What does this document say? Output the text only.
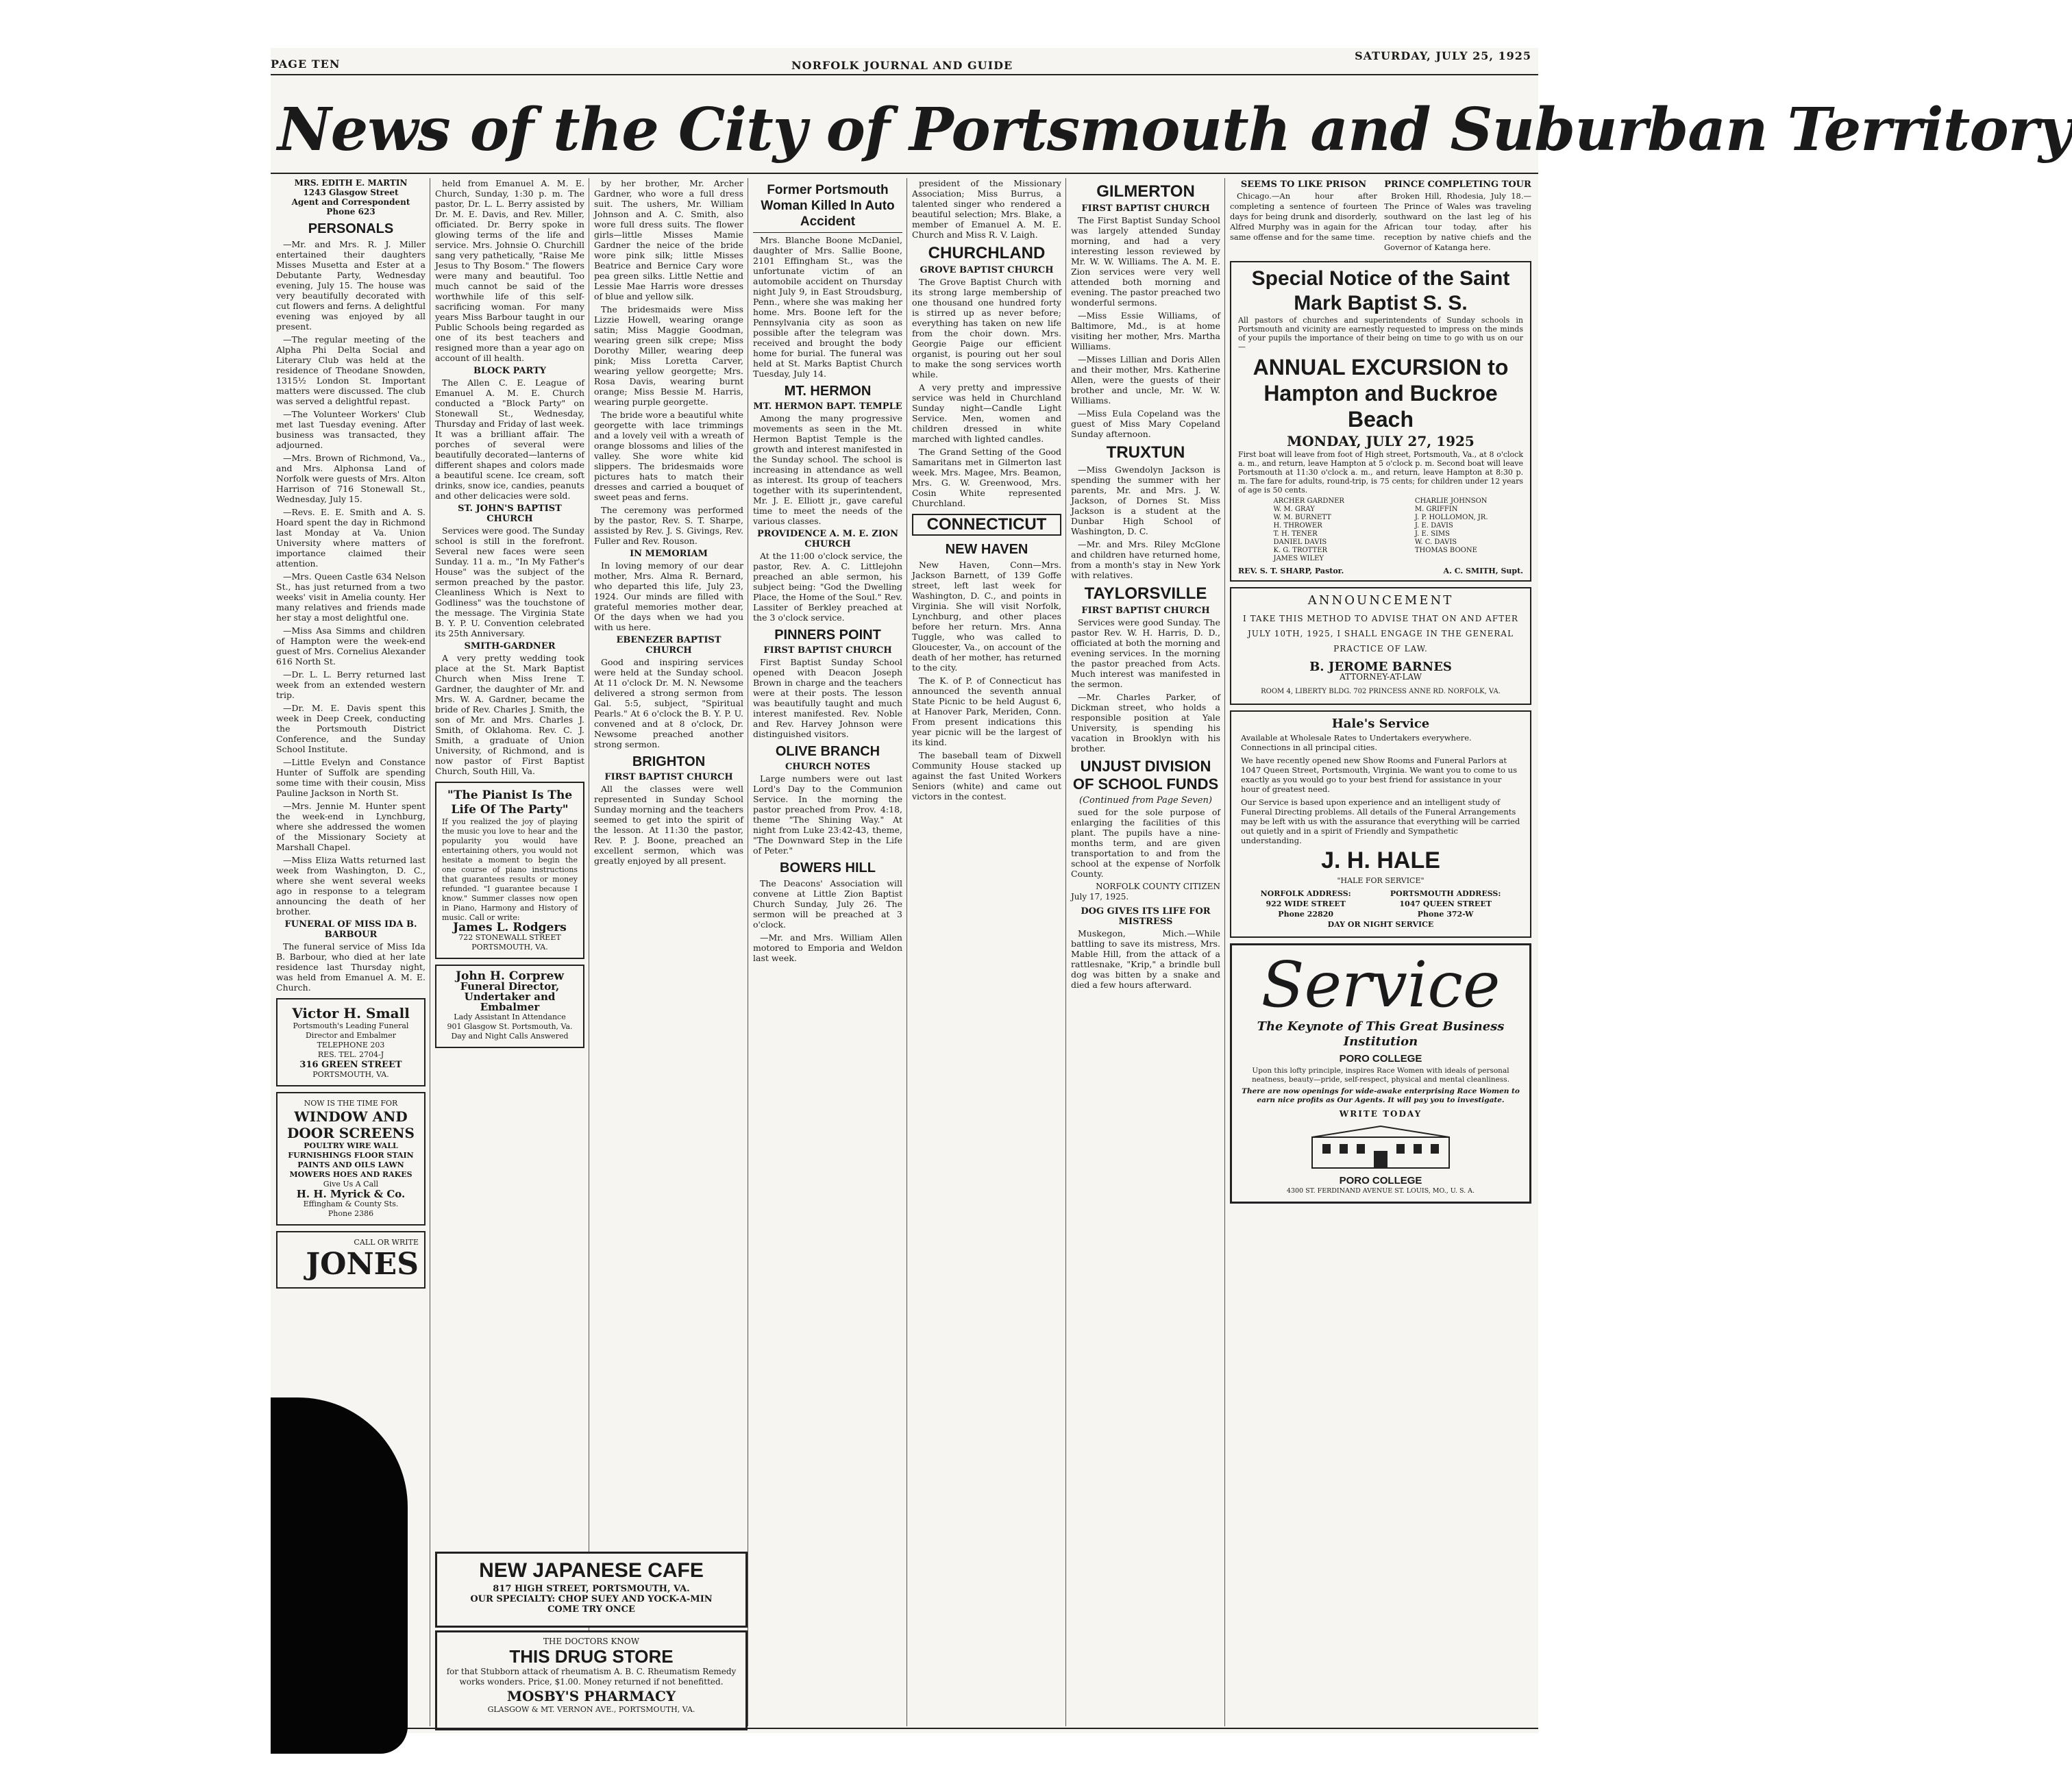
PAGE TEN	NORFOLK JOURNAL AND GUIDE
SATURDAY, JULY 25, 1925
News of the City of Portsmouth and Suburban Territory
MRS. EDITH E. MARTIN
1243 Glasgow Street
Agent and Correspondent
Phone 623
PERSONALS

—Mr. and Mrs. R. J. Miller entertained their daughters Misses Musetta and Ester at a Debutante Party, Wednesday evening, July 15. The house was very beautifully decorated with cut flowers and ferns. A delightful evening was enjoyed by all present.

—The regular meeting of the Alpha Phi Delta Social and Literary Club was held at the residence of Theodane Snowden, 1315½ London St. Important matters were discussed. The club was served a delightful repast.

—The Volunteer Workers' Club met last Tuesday evening. After business was transacted, they adjourned.

—Mrs. Brown of Richmond, Va., and Mrs. Alphonsa Land of Norfolk were guests of Mrs. Alton Harrison of 716 Stonewall St., Wednesday, July 15.

—Revs. E. E. Smith and A. S. Hoard spent the day in Richmond last Monday at Va. Union University where matters of importance claimed their attention.

—Mrs. Queen Castle 634 Nelson St., has just returned from a two weeks' visit in Amelia county. Her many relatives and friends made her stay a most delightful one.

—Miss Asa Simms and children of Hampton were the week-end guest of Mrs. Cornelius Alexander 616 North St.

—Dr. L. L. Berry returned last week from an extended western trip.

—Dr. M. E. Davis spent this week in Deep Creek, conducting the Portsmouth District Conference, and the Sunday School Institute.

—Little Evelyn and Constance Hunter of Suffolk are spending some time with their cousin, Miss Pauline Jackson in North St.

—Mrs. Jennie M. Hunter spent the week-end in Lynchburg, where she addressed the women of the Missionary Society at Marshall Chapel.

—Miss Eliza Watts returned last week from Washington, D. C., where she went several weeks ago in response to a telegram announcing the death of her brother.

FUNERAL OF MISS IDA B. BARBOUR

The funeral service of Miss Ida B. Barbour, who died at her late residence last Thursday night, was held from Emanuel A. M. E. Church.

Victor H. Small
Portsmouth's Leading Funeral
Director and Embalmer
TELEPHONE 203
RES. TEL. 2704-J
316 GREEN STREET
PORTSMOUTH, VA.
NOW IS THE TIME FOR
WINDOW AND DOOR SCREENS
POULTRY WIRE WALL FURNISHINGS FLOOR STAIN PAINTS AND OILS LAWN MOWERS HOES AND RAKES
Give Us A Call
H. H. Myrick & Co.
Effingham & County Sts.
Phone 2386
CALL OR WRITE
JONES

held from Emanuel A. M. E. Church, Sunday, 1:30 p. m. The pastor, Dr. L. L. Berry assisted by Dr. M. E. Davis, and Rev. Miller, officiated. Dr. Berry spoke in glowing terms of the life and service. Mrs. Johnsie O. Churchill sang very pathetically, "Raise Me Jesus to Thy Bosom." The flowers were many and beautiful. Too much cannot be said of the worthwhile life of this self-sacrificing woman. For many years Miss Barbour taught in our Public Schools being regarded as one of its best teachers and resigned more than a year ago on account of ill health.

BLOCK PARTY

The Allen C. E. League of Emanuel A. M. E. Church conducted a "Block Party" on Stonewall St., Wednesday, Thursday and Friday of last week. It was a brilliant affair. The porches of several were beautifully decorated—lanterns of different shapes and colors made a beautiful scene. Ice cream, soft drinks, snow ice, candies, peanuts and other delicacies were sold.

ST. JOHN'S BAPTIST CHURCH

Services were good. The Sunday school is still in the forefront. Several new faces were seen Sunday. 11 a. m., "In My Father's House" was the subject of the sermon preached by the pastor. Cleanliness Which is Next to Godliness" was the touchstone of the message. The Virginia State B. Y. P. U. Convention celebrated its 25th Anniversary.

SMITH-GARDNER

A very pretty wedding took place at the St. Mark Baptist Church when Miss Irene T. Gardner, the daughter of Mr. and Mrs. W. A. Gardner, became the bride of Rev. Charles J. Smith, the son of Mr. and Mrs. Charles J. Smith, of Oklahoma. Rev. C. J. Smith, a graduate of Union University, of Richmond, and is now pastor of First Baptist Church, South Hill, Va.

"The Pianist Is The Life Of The Party"
If you realized the joy of playing the music you love to hear and the popularity you would have entertaining others, you would not hesitate a moment to begin the one course of piano instructions that guarantees results or money refunded. "I guarantee because I know." Summer classes now open in Piano, Harmony and History of music. Call or write:
James L. Rodgers
722 STONEWALL STREET
PORTSMOUTH, VA.
John H. Corprew
Funeral Director, Undertaker and Embalmer
Lady Assistant In Attendance
901 Glasgow St. Portsmouth, Va.
Day and Night Calls Answered

by her brother, Mr. Archer Gardner, who wore a full dress suit. The ushers, Mr. William Johnson and A. C. Smith, also wore full dress suits. The flower girls—little Misses Mamie Gardner the neice of the bride wore pink silk; little Misses Beatrice and Bernice Cary wore pea green silks. Little Nettie and Lessie Mae Harris wore dresses of blue and yellow silk.

The bridesmaids were Miss Lizzie Howell, wearing orange satin; Miss Maggie Goodman, wearing green silk crepe; Miss Dorothy Miller, wearing deep pink; Miss Loretta Carver, wearing yellow georgette; Mrs. Rosa Davis, wearing burnt orange; Miss Bessie M. Harris, wearing purple georgette.

The bride wore a beautiful white georgette with lace trimmings and a lovely veil with a wreath of orange blossoms and lilies of the valley. She wore white kid slippers. The bridesmaids wore pictures hats to match their dresses and carried a bouquet of sweet peas and ferns.

The ceremony was performed by the pastor, Rev. S. T. Sharpe, assisted by Rev. J. S. Givings, Rev. Fuller and Rev. Rouson.

IN MEMORIAM

In loving memory of our dear mother, Mrs. Alma R. Bernard, who departed this life, July 23, 1924. Our minds are filled with grateful memories mother dear, Of the days when we had you with us here.

EBENEZER BAPTIST CHURCH

Good and inspiring services were held at the Sunday school. At 11 o'clock Dr. M. N. Newsome delivered a strong sermon from Gal. 5:5, subject, "Spiritual Pearls." At 6 o'clock the B. Y. P. U. convened and at 8 o'clock, Dr. Newsome preached another strong sermon.

BRIGHTON
FIRST BAPTIST CHURCH

All the classes were well represented in Sunday School Sunday morning and the teachers seemed to get into the spirit of the lesson. At 11:30 the pastor, Rev. P. J. Boone, preached an excellent sermon, which was greatly enjoyed by all present.

NEW JAPANESE CAFE
817 HIGH STREET, PORTSMOUTH, VA.
OUR SPECIALTY: CHOP SUEY AND YOCK-A-MIN
COME TRY ONCE
THE DOCTORS KNOW
THIS DRUG STORE
for that Stubborn attack of rheumatism A. B. C. Rheumatism Remedy works wonders. Price, $1.00. Money returned if not benefitted.
MOSBY'S PHARMACY
GLASGOW & MT. VERNON AVE., PORTSMOUTH, VA.
Former Portsmouth Woman Killed In Auto Accident

Mrs. Blanche Boone McDaniel, daughter of Mrs. Sallie Boone, 2101 Effingham St., was the unfortunate victim of an automobile accident on Thursday night July 9, in East Stroudsburg, Penn., where she was making her home. Mrs. Boone left for the Pennsylvania city as soon as possible after the telegram was received and brought the body home for burial. The funeral was held at St. Marks Baptist Church Tuesday, July 14.

MT. HERMON
MT. HERMON BAPT. TEMPLE

Among the many progressive movements as seen in the Mt. Hermon Baptist Temple is the growth and interest manifested in the Sunday school. The school is increasing in attendance as well as interest. Its group of teachers together with its superintendent, Mr. J. E. Elliott jr., gave careful time to meet the needs of the various classes.

PROVIDENCE A. M. E. ZION CHURCH

At the 11:00 o'clock service, the pastor, Rev. A. C. Littlejohn preached an able sermon, his subject being: "God the Dwelling Place, the Home of the Soul." Rev. Lassiter of Berkley preached at the 3 o'clock service.

PINNERS POINT
FIRST BAPTIST CHURCH

First Baptist Sunday School opened with Deacon Joseph Brown in charge and the teachers were at their posts. The lesson was beautifully taught and much interest manifested. Rev. Noble and Rev. Harvey Johnson were distinguished visitors.

OLIVE BRANCH
CHURCH NOTES

Large numbers were out last Lord's Day to the Communion Service. In the morning the pastor preached from Prov. 4:18, theme "The Shining Way." At night from Luke 23:42-43, theme, "The Downward Step in the Life of Peter."

BOWERS HILL

The Deacons' Association will convene at Little Zion Baptist Church Sunday, July 26. The sermon will be preached at 3 o'clock.

—Mr. and Mrs. William Allen motored to Emporia and Weldon last week.

president of the Missionary Association; Miss Burrus, a talented singer who rendered a beautiful selection; Mrs. Blake, a member of Emanuel A. M. E. Church and Miss R. V. Laigh.

CHURCHLAND
GROVE BAPTIST CHURCH

The Grove Baptist Church with its strong large membership of one thousand one hundred forty is stirred up as never before; everything has taken on new life from the choir down. Mrs. Georgie Paige our efficient organist, is pouring out her soul to make the song services worth while.

A very pretty and impressive service was held in Churchland Sunday night—Candle Light Service. Men, women and children dressed in white marched with lighted candles.

The Grand Setting of the Good Samaritans met in Gilmerton last week. Mrs. Magee, Mrs. Beamon, Mrs. G. W. Greenwood, Mrs. Cosin White represented Churchland.

CONNECTICUT
NEW HAVEN

New Haven, Conn—Mrs. Jackson Barnett, of 139 Goffe street, left last week for Washington, D. C., and points in Virginia. She will visit Norfolk, Lynchburg, and other places before her return. Mrs. Anna Tuggle, who was called to Gloucester, Va., on account of the death of her mother, has returned to the city.

The K. of P. of Connecticut has announced the seventh annual State Picnic to be held August 6, at Hanover Park, Meriden, Conn. From present indications this year picnic will be the largest of its kind.

The baseball team of Dixwell Community House stacked up against the fast United Workers Seniors (white) and came out victors in the contest.

GILMERTON
FIRST BAPTIST CHURCH

The First Baptist Sunday School was largely attended Sunday morning, and had a very interesting lesson reviewed by Mr. W. W. Williams. The A. M. E. Zion services were very well attended both morning and evening. The pastor preached two wonderful sermons.

—Miss Essie Williams, of Baltimore, Md., is at home visiting her mother, Mrs. Martha Williams.

—Misses Lillian and Doris Allen and their mother, Mrs. Katherine Allen, were the guests of their brother and uncle, Mr. W. W. Williams.

—Miss Eula Copeland was the guest of Miss Mary Copeland Sunday afternoon.

TRUXTUN

—Miss Gwendolyn Jackson is spending the summer with her parents, Mr. and Mrs. J. W. Jackson, of Dornes St. Miss Jackson is a student at the Dunbar High School of Washington, D. C.

—Mr. and Mrs. Riley McGlone and children have returned home, from a month's stay in New York with relatives.

TAYLORSVILLE
FIRST BAPTIST CHURCH

Services were good Sunday. The pastor Rev. W. H. Harris, D. D., officiated at both the morning and evening services. In the morning the pastor preached from Acts. Much interest was manifested in the sermon.

—Mr. Charles Parker, of Dickman street, who holds a responsible position at Yale University, is spending his vacation in Brooklyn with his brother.

UNJUST DIVISION OF SCHOOL FUNDS
(Continued from Page Seven)

sued for the sole purpose of enlarging the facilities of this plant. The pupils have a nine-months term, and are given transportation to and from the school at the expense of Norfolk County.

NORFOLK COUNTY CITIZEN
July 17, 1925.
DOG GIVES ITS LIFE FOR MISTRESS

Muskegon, Mich.—While battling to save its mistress, Mrs. Mable Hill, from the attack of a rattlesnake, "Krip," a brindle bull dog was bitten by a snake and died a few hours afterward.

SEEMS TO LIKE PRISON

Chicago.—An hour after completing a sentence of fourteen days for being drunk and disorderly, Alfred Murphy was in again for the same offense and for the same time.

PRINCE COMPLETING TOUR

Broken Hill, Rhodesia, July 18.—The Prince of Wales was traveling southward on the last leg of his African tour today, after his reception by native chiefs and the Governor of Katanga here.

Special Notice of the Saint Mark Baptist S. S.
All pastors of churches and superintendents of Sunday schools in Portsmouth and vicinity are earnestly requested to impress on the minds of your pupils the importance of their being on time to go with us on our—
ANNUAL EXCURSION to Hampton and Buckroe Beach
MONDAY, JULY 27, 1925
First boat will leave from foot of High street, Portsmouth, Va., at 8 o'clock a. m., and return, leave Hampton at 5 o'clock p. m. Second boat will leave Portsmouth at 11:30 o'clock a. m., and return, leave Hampton at 8:30 p. m. The fare for adults, round-trip, is 75 cents; for children under 12 years of age is 50 cents.
ARCHER GARDNER
W. M. GRAY
W. M. BURNETT
H. THROWER
T. H. TENER
DANIEL DAVIS
K. G. TROTTER
JAMES WILEY
CHARLIE JOHNSON
M. GRIFFIN
J. P. HOLLOMON, JR.
J. E. DAVIS
J. E. SIMS
W. C. DAVIS
THOMAS BOONE
REV. S. T. SHARP, Pastor.	A. C. SMITH, Supt.
ANNOUNCEMENT
I TAKE THIS METHOD TO ADVISE THAT ON AND AFTER JULY 10TH, 1925, I SHALL ENGAGE IN THE GENERAL PRACTICE OF LAW.
B. JEROME BARNES
ATTORNEY-AT-LAW
ROOM 4, LIBERTY BLDG. 702 PRINCESS ANNE RD. NORFOLK, VA.
Hale's Service
Available at Wholesale Rates to Undertakers everywhere. Connections in all principal cities.
We have recently opened new Show Rooms and Funeral Parlors at 1047 Queen Street, Portsmouth, Virginia. We want you to come to us exactly as you would go to your best friend for assistance in your hour of greatest need.
Our Service is based upon experience and an intelligent study of Funeral Directing problems. All details of the Funeral Arrangements may be left with us with the assurance that everything will be carried out quietly and in a spirit of Friendly and Sympathetic understanding.
J. H. HALE
"HALE FOR SERVICE"
NORFOLK ADDRESS:
922 WIDE STREET
Phone 22820
PORTSMOUTH ADDRESS:
1047 QUEEN STREET
Phone 372-W
DAY OR NIGHT SERVICE
Service
The Keynote of This Great Business Institution
PORO COLLEGE
Upon this lofty principle, inspires Race Women with ideals of personal neatness, beauty—pride, self-respect, physical and mental cleanliness.
There are now openings for wide-awake enterprising Race Women to earn nice profits as Our Agents. It will pay you to investigate.
WRITE TODAY
PORO COLLEGE
4300 ST. FERDINAND AVENUE ST. LOUIS, MO., U. S. A.
